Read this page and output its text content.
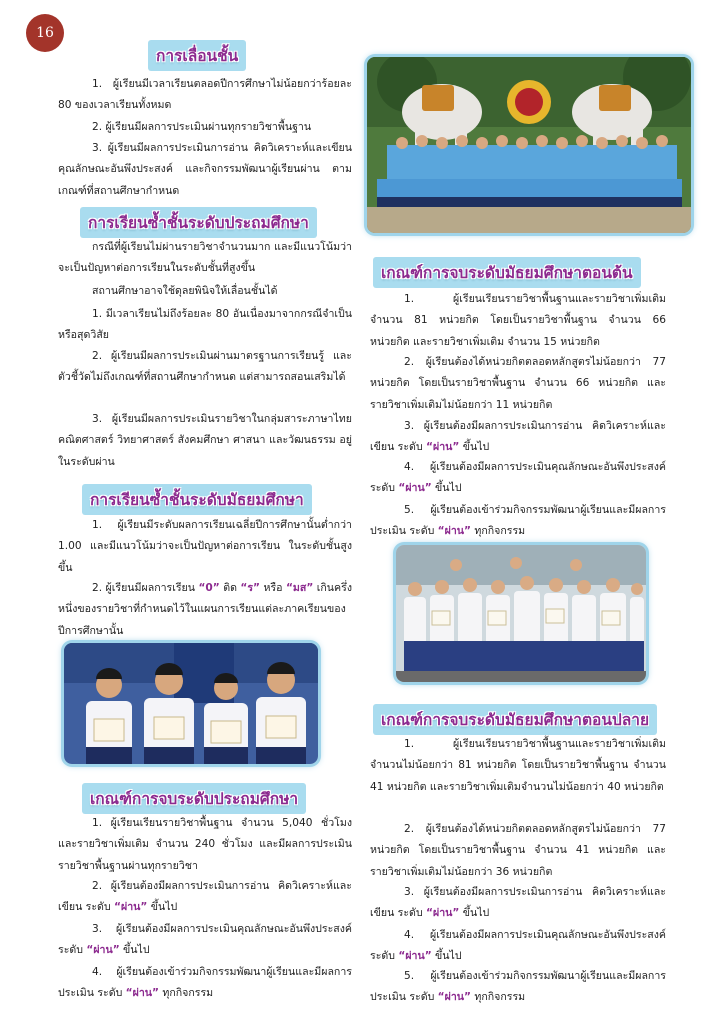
16
การเลื่อนชั้น

1. ผู้เรียนมีเวลาเรียนตลอดปีการศึกษาไม่น้อยกว่าร้อยละ 80 ของเวลาเรียนทั้งหมด

2. ผู้เรียนมีผลการประเมินผ่านทุกรายวิชาพื้นฐาน

3. ผู้เรียนมีผลการประเมินการอ่าน คิดวิเคราะห์และเขียน คุณลักษณะอันพึงประสงค์ และกิจกรรมพัฒนาผู้เรียนผ่าน ตามเกณฑ์ที่สถานศึกษากำหนด

การเรียนซ้ำชั้นระดับประถมศึกษา

กรณีที่ผู้เรียนไม่ผ่านรายวิชาจำนวนมาก และมีแนวโน้มว่าจะเป็นปัญหาต่อการเรียนในระดับชั้นที่สูงขึ้น

สถานศึกษาอาจใช้ดุลยพินิจให้เลื่อนชั้นได้

1. มีเวลาเรียนไม่ถึงร้อยละ 80 อันเนื่องมาจากกรณีจำเป็นหรือสุดวิสัย

2. ผู้เรียนมีผลการประเมินผ่านมาตรฐานการเรียนรู้ และตัวชี้วัดไม่ถึงเกณฑ์ที่สถานศึกษากำหนด แต่สามารถสอนเสริมได้

3. ผู้เรียนมีผลการประเมินรายวิชาในกลุ่มสาระภาษาไทย คณิตศาสตร์ วิทยาศาสตร์ สังคมศึกษา ศาสนา และวัฒนธรรม อยู่ในระดับผ่าน

การเรียนซ้ำชั้นระดับมัธยมศึกษา

1. ผู้เรียนมีระดับผลการเรียนเฉลี่ยปีการศึกษานั้นต่ำกว่า 1.00 และมีแนวโน้มว่าจะเป็นปัญหาต่อการเรียน ในระดับชั้นสูงขึ้น

2. ผู้เรียนมีผลการเรียน “0” ติด “ร” หรือ “มส” เกินครึ่งหนึ่งของรายวิชาที่กำหนดไว้ในแผนการเรียนแต่ละภาคเรียนของปีการศึกษานั้น

เกณฑ์การจบระดับประถมศึกษา

1. ผู้เรียนเรียนรายวิชาพื้นฐาน จำนวน 5,040 ชั่วโมง และรายวิชาเพิ่มเติม จำนวน 240 ชั่วโมง และมีผลการประเมินรายวิชาพื้นฐานผ่านทุกรายวิชา

2. ผู้เรียนต้องมีผลการประเมินการอ่าน คิดวิเคราะห์และเขียน ระดับ “ผ่าน” ขึ้นไป

3. ผู้เรียนต้องมีผลการประเมินคุณลักษณะอันพึงประสงค์ ระดับ “ผ่าน” ขึ้นไป

4. ผู้เรียนต้องเข้าร่วมกิจกรรมพัฒนาผู้เรียนและมีผลการประเมิน ระดับ “ผ่าน” ทุกกิจกรรม

เกณฑ์การจบระดับมัธยมศึกษาตอนต้น

1. ผู้เรียนเรียนรายวิชาพื้นฐานและรายวิชาเพิ่มเติม จำนวน 81 หน่วยกิต โดยเป็นรายวิชาพื้นฐาน จำนวน 66 หน่วยกิต และรายวิชาเพิ่มเติม จำนวน 15 หน่วยกิต

2. ผู้เรียนต้องได้หน่วยกิตตลอดหลักสูตรไม่น้อยกว่า 77 หน่วยกิต โดยเป็นรายวิชาพื้นฐาน จำนวน 66 หน่วยกิต และรายวิชาเพิ่มเติมไม่น้อยกว่า 11 หน่วยกิต

3. ผู้เรียนต้องมีผลการประเมินการอ่าน คิดวิเคราะห์และเขียน ระดับ “ผ่าน” ขึ้นไป

4. ผู้เรียนต้องมีผลการประเมินคุณลักษณะอันพึงประสงค์ ระดับ “ผ่าน” ขึ้นไป

5. ผู้เรียนต้องเข้าร่วมกิจกรรมพัฒนาผู้เรียนและมีผลการประเมิน ระดับ “ผ่าน” ทุกกิจกรรม

เกณฑ์การจบระดับมัธยมศึกษาตอนปลาย

1. ผู้เรียนเรียนรายวิชาพื้นฐานและรายวิชาเพิ่มเติม จำนวนไม่น้อยกว่า 81 หน่วยกิต โดยเป็นรายวิชาพื้นฐาน จำนวน 41 หน่วยกิต และรายวิชาเพิ่มเติมจำนวนไม่น้อยกว่า 40 หน่วยกิต

2. ผู้เรียนต้องได้หน่วยกิตตลอดหลักสูตรไม่น้อยกว่า 77 หน่วยกิต โดยเป็นรายวิชาพื้นฐาน จำนวน 41 หน่วยกิต และรายวิชาเพิ่มเติมไม่น้อยกว่า 36 หน่วยกิต

3. ผู้เรียนต้องมีผลการประเมินการอ่าน คิดวิเคราะห์และเขียน ระดับ “ผ่าน” ขึ้นไป

4. ผู้เรียนต้องมีผลการประเมินคุณลักษณะอันพึงประสงค์ ระดับ “ผ่าน” ขึ้นไป

5. ผู้เรียนต้องเข้าร่วมกิจกรรมพัฒนาผู้เรียนและมีผลการประเมิน ระดับ “ผ่าน” ทุกกิจกรรม
